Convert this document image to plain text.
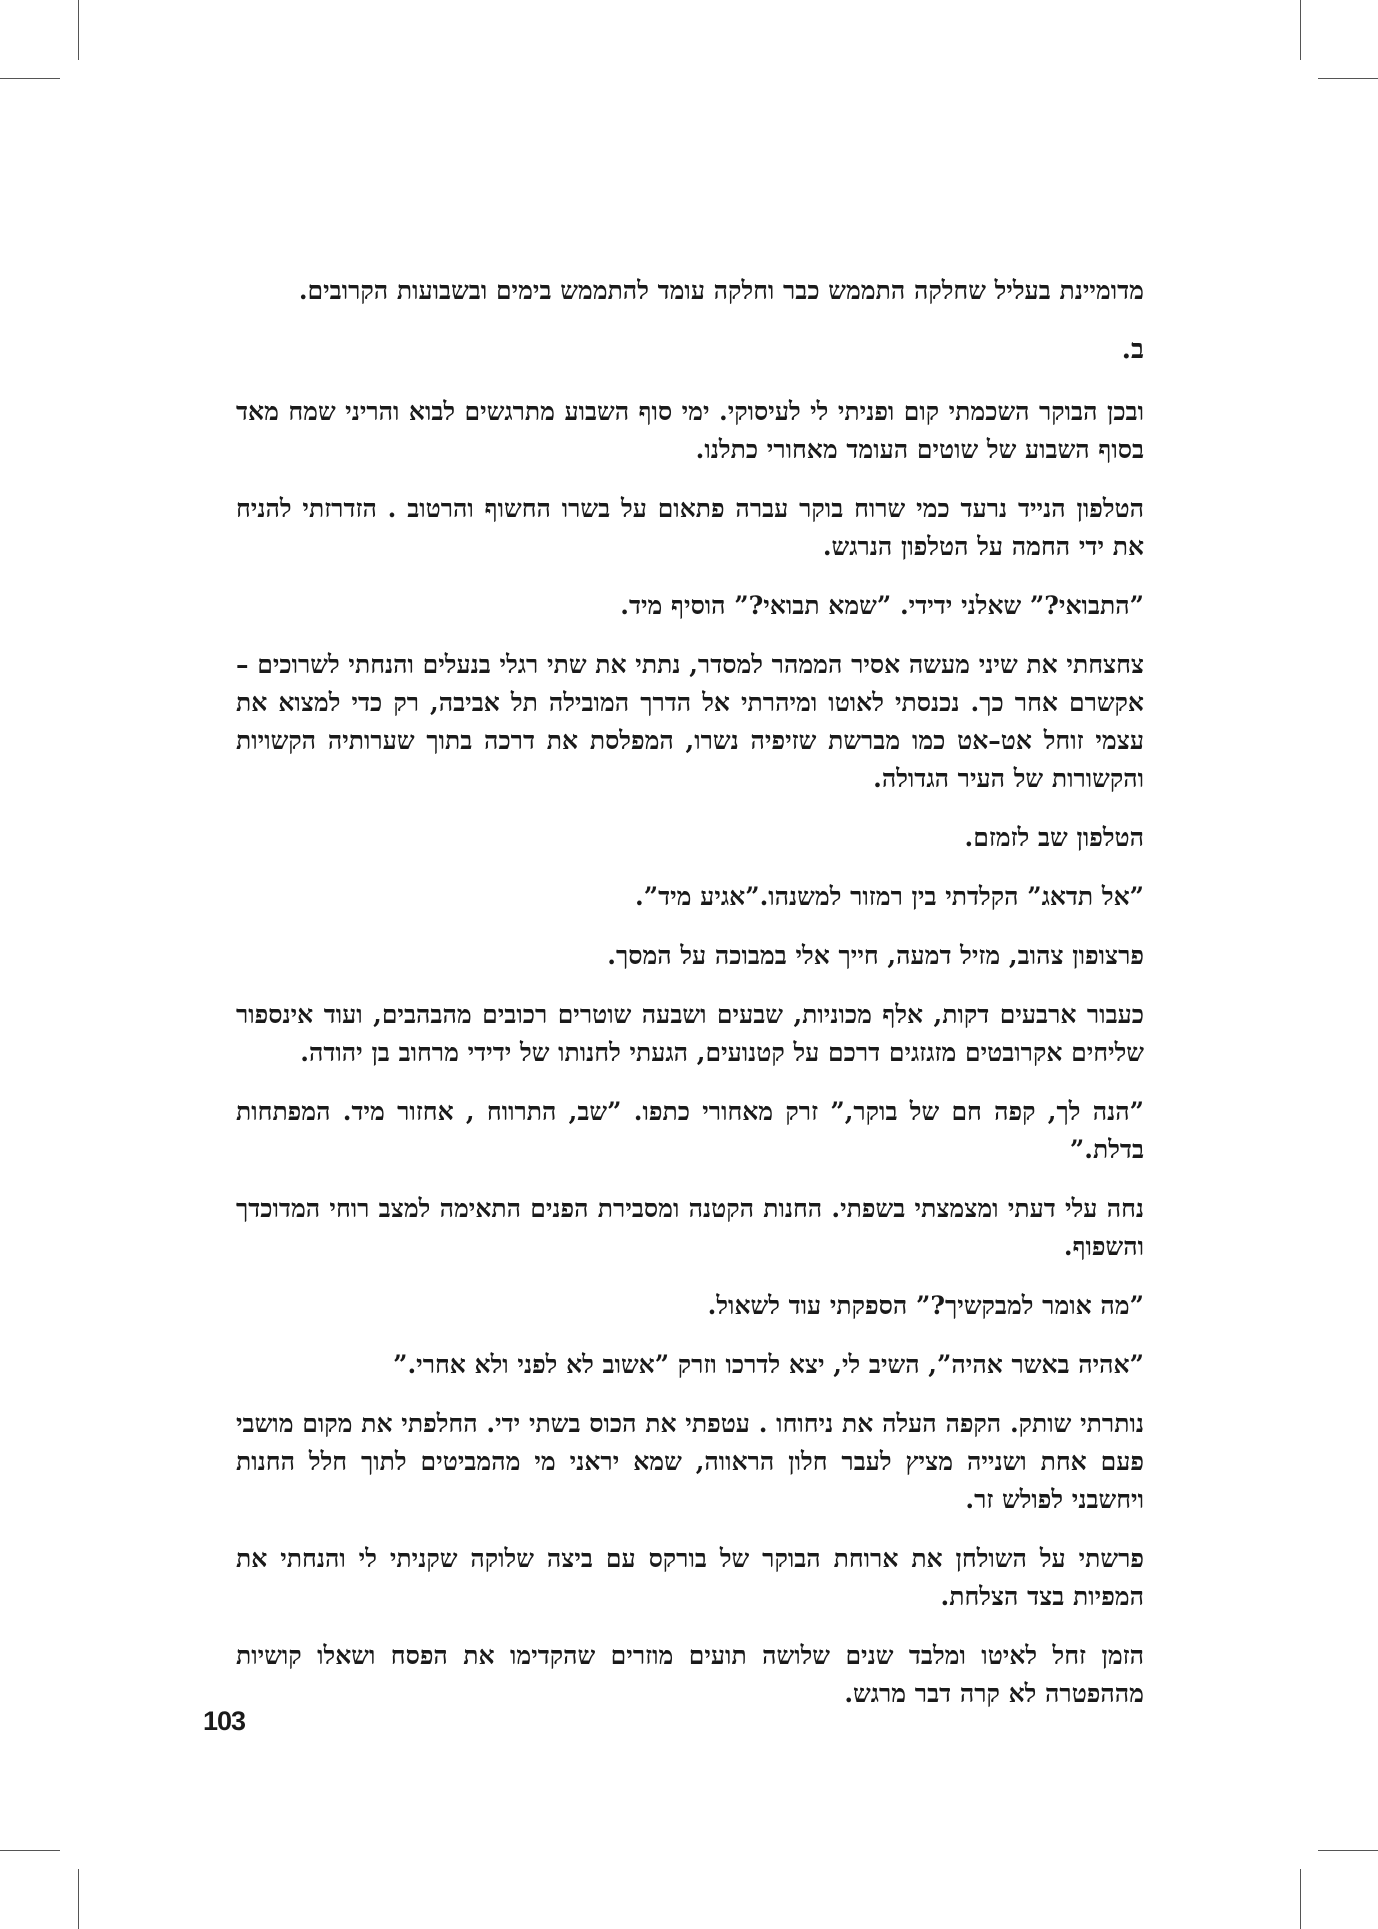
מדומיינת בעליל שחלקה התממש כבר וחלקה עומד להתממש בימים ובשבועות הקרובים.

ב.

ובכן הבוקר השכמתי קום ופניתי לי לעיסוקי. ימי סוף השבוע מתרגשים לבוא והריני שמח מאד בסוף השבוע של שוטים העומד מאחורי כתלנו.

הטלפון הנייד נרעד כמי שרוח בוקר עברה פתאום על בשרו החשוף והרטוב . הזדרזתי להניח את ידי החמה על הטלפון הנרגש.

”התבואי?” שאלני ידידי. ”שמא תבואי?” הוסיף מיד.

צחצחתי את שיני מעשה אסיר הממהר למסדר, נתתי את שתי רגלי בנעלים והנחתי לשרוכים – אקשרם אחר כך. נכנסתי לאוטו ומיהרתי אל הדרך המובילה תל אביבה, רק כדי למצוא את עצמי זוחל אט–אט כמו מברשת שזיפיה נשרו, המפלסת את דרכה בתוך שערותיה הקשויות והקשורות של העיר הגדולה.

הטלפון שב לזמזם.

”אל תדאג” הקלדתי בין רמזור למשנהו.”אגיע מיד”.

פרצופון צהוב, מזיל דמעה, חייך אלי במבוכה על המסך.

כעבור ארבעים דקות, אלף מכוניות, שבעים ושבעה שוטרים רכובים מהבהבים, ועוד אינספור שליחים אקרובטים מזגזגים דרכם על קטנועים, הגעתי לחנותו של ידידי מרחוב בן יהודה.

”הנה לך, קפה חם של בוקר,” זרק מאחורי כתפו. ”שב, התרווח , אחזור מיד. המפתחות בדלת.”

נחה עלי דעתי ומצמצתי בשפתי. החנות הקטנה ומסבירת הפנים התאימה למצב רוחי המדוכדך והשפוף.

”מה אומר למבקשיך?” הספקתי עוד לשאול.

”אהיה באשר אהיה”, השיב לי, יצא לדרכו וזרק ”אשוב לא לפני ולא אחרי.”

נותרתי שותק. הקפה העלה את ניחוחו . עטפתי את הכוס בשתי ידי. החלפתי את מקום מושבי פעם אחת ושנייה מציץ לעבר חלון הראווה, שמא יראני מי מהמביטים לתוך חלל החנות ויחשבני לפולש זר.

פרשתי על השולחן את ארוחת הבוקר של בורקס עם ביצה שלוקה שקניתי לי והנחתי את המפיות בצד הצלחת.

הזמן זחל לאיטו ומלבד שנים שלושה תועים מוזרים שהקדימו את הפסח ושאלו קושיות מההפטרה לא קרה דבר מרגש.

103
